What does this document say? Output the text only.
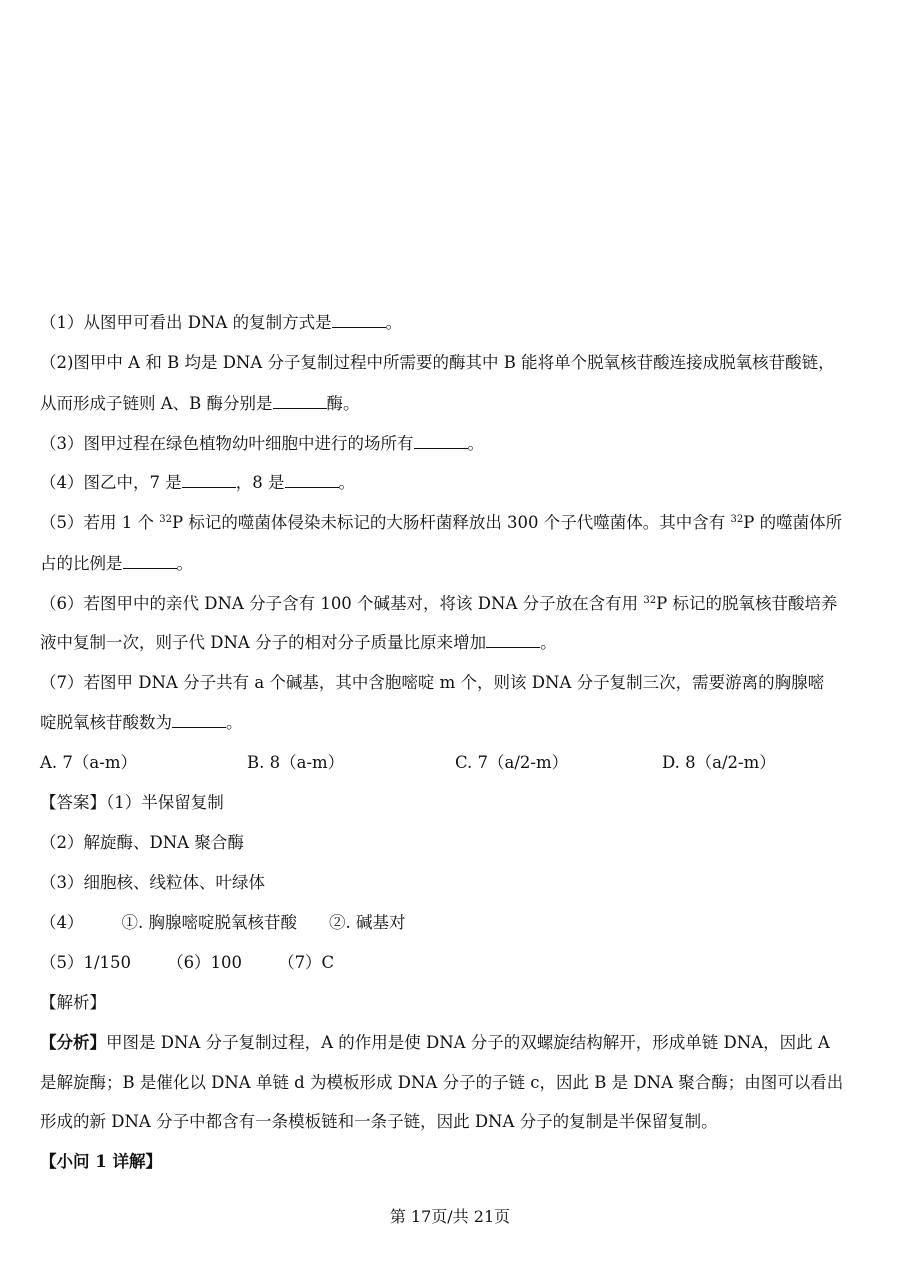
（1）从图甲可看出 DNA 的复制方式是	。
（2)图甲中 A 和 B 均是 DNA 分子复制过程中所需要的酶其中 B 能将单个脱氧核苷酸连接成脱氧核苷酸链，
从而形成子链则 A、B 酶分别是	酶。
（3）图甲过程在绿色植物幼叶细胞中进行的场所有	。
（4）图乙中，7 是	，8 是	。
（5）若用 1 个 $^{32}$P 标记的噬菌体侵染未标记的大肠杆菌释放出 300 个子代噬菌体。其中含有 $^{32}$P 的噬菌体所
占的比例是	。
（6）若图甲中的亲代 DNA 分子含有 100 个碱基对，将该 DNA 分子放在含有用 $^{32}$P 标记的脱氧核苷酸培养
液中复制一次，则子代 DNA 分子的相对分子质量比原来增加	。
（7）若图甲 DNA 分子共有 a 个碱基，其中含胞嘧啶 m 个，则该 DNA 分子复制三次，需要游离的胸腺嘧
啶脱氧核苷酸数为	。
A. 7（a-m）	B. 8（a-m）	C. 7（a/2-m）	D. 8（a/2-m）
【答案】（1）半保留复制
（2）解旋酶、DNA 聚合酶
（3）细胞核、线粒体、叶绿体
（4） ①. 胸腺嘧啶脱氧核苷酸 ②. 碱基对
（5）1/150 （6）100 （7）C
【解析】
【分析】甲图是 DNA 分子复制过程，A 的作用是使 DNA 分子的双螺旋结构解开，形成单链 DNA，因此 A
是解旋酶；B 是催化以 DNA 单链 d 为模板形成 DNA 分子的子链 c，因此 B 是 DNA 聚合酶；由图可以看出
形成的新 DNA 分子中都含有一条模板链和一条子链，因此 DNA 分子的复制是半保留复制。
【小问 1 详解】
第 17页/共 21页
